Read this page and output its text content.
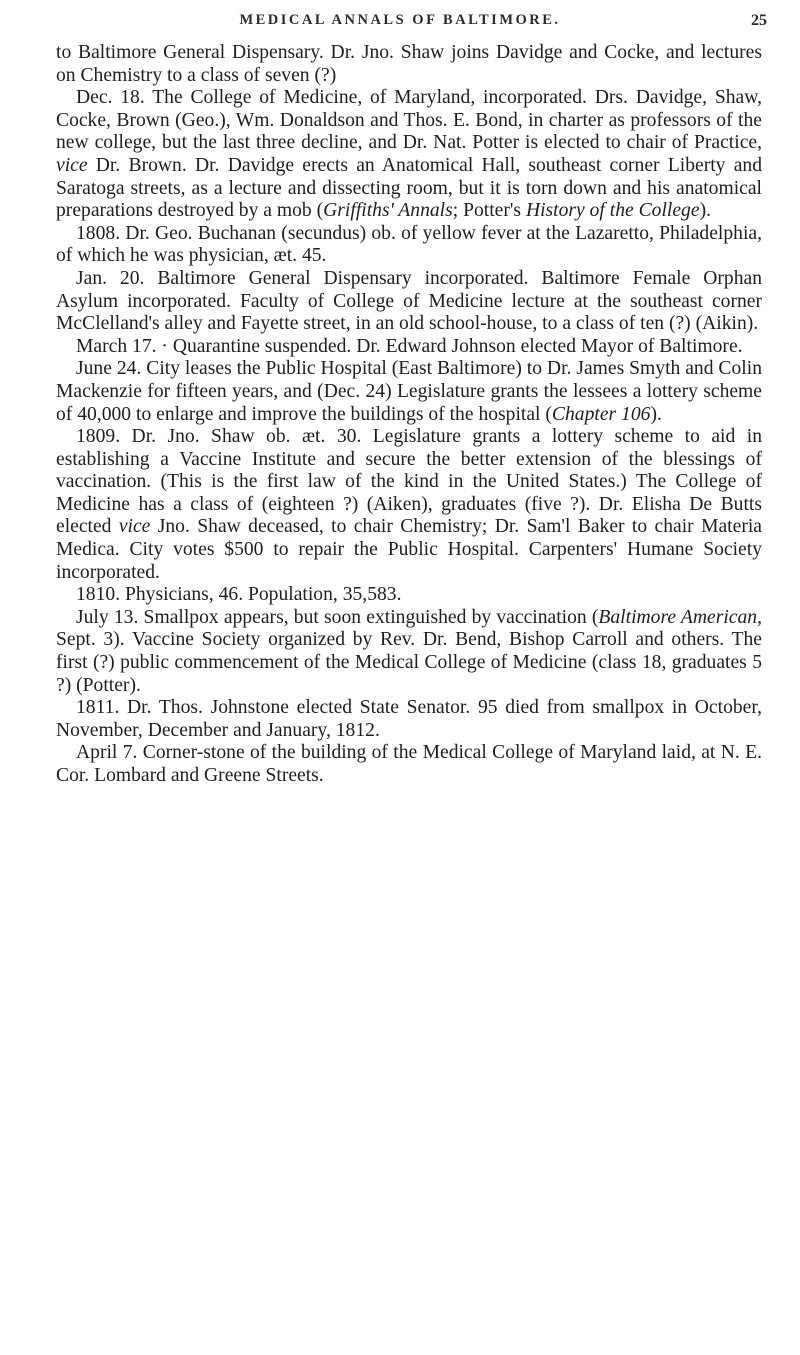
MEDICAL ANNALS OF BALTIMORE.	25

to Baltimore General Dispensary. Dr. Jno. Shaw joins Davidge and Cocke, and lectures on Chemistry to a class of seven (?)

Dec. 18. The College of Medicine, of Maryland, incorporated. Drs. Davidge, Shaw, Cocke, Brown (Geo.), Wm. Donaldson and Thos. E. Bond, in charter as professors of the new college, but the last three decline, and Dr. Nat. Potter is elected to chair of Practice, vice Dr. Brown. Dr. Davidge erects an Anatomical Hall, southeast corner Liberty and Saratoga streets, as a lecture and dissecting room, but it is torn down and his anatomical preparations destroyed by a mob (Griffiths' Annals; Potter's History of the College).

1808. Dr. Geo. Buchanan (secundus) ob. of yellow fever at the Lazaretto, Philadelphia, of which he was physician, æt. 45.

Jan. 20. Baltimore General Dispensary incorporated. Baltimore Female Orphan Asylum incorporated. Faculty of College of Medicine lecture at the southeast corner McClelland's alley and Fayette street, in an old school-house, to a class of ten (?) (Aikin).

March 17. · Quarantine suspended. Dr. Edward Johnson elected Mayor of Baltimore.

June 24. City leases the Public Hospital (East Baltimore) to Dr. James Smyth and Colin Mackenzie for fifteen years, and (Dec. 24) Legislature grants the lessees a lottery scheme of 40,000 to enlarge and improve the buildings of the hospital (Chapter 106).

1809. Dr. Jno. Shaw ob. æt. 30. Legislature grants a lottery scheme to aid in establishing a Vaccine Institute and secure the better extension of the blessings of vaccination. (This is the first law of the kind in the United States.) The College of Medicine has a class of (eighteen ?) (Aiken), graduates (five ?). Dr. Elisha De Butts elected vice Jno. Shaw deceased, to chair Chemistry; Dr. Sam'l Baker to chair Materia Medica. City votes $500 to repair the Public Hospital. Carpenters' Humane Society incorporated.

1810. Physicians, 46. Population, 35,583.

July 13. Smallpox appears, but soon extinguished by vaccination (Baltimore American, Sept. 3). Vaccine Society organized by Rev. Dr. Bend, Bishop Carroll and others. The first (?) public commencement of the Medical College of Medicine (class 18, graduates 5 ?) (Potter).

1811. Dr. Thos. Johnstone elected State Senator. 95 died from smallpox in October, November, December and January, 1812.

April 7. Corner-stone of the building of the Medical College of Maryland laid, at N. E. Cor. Lombard and Greene Streets.
